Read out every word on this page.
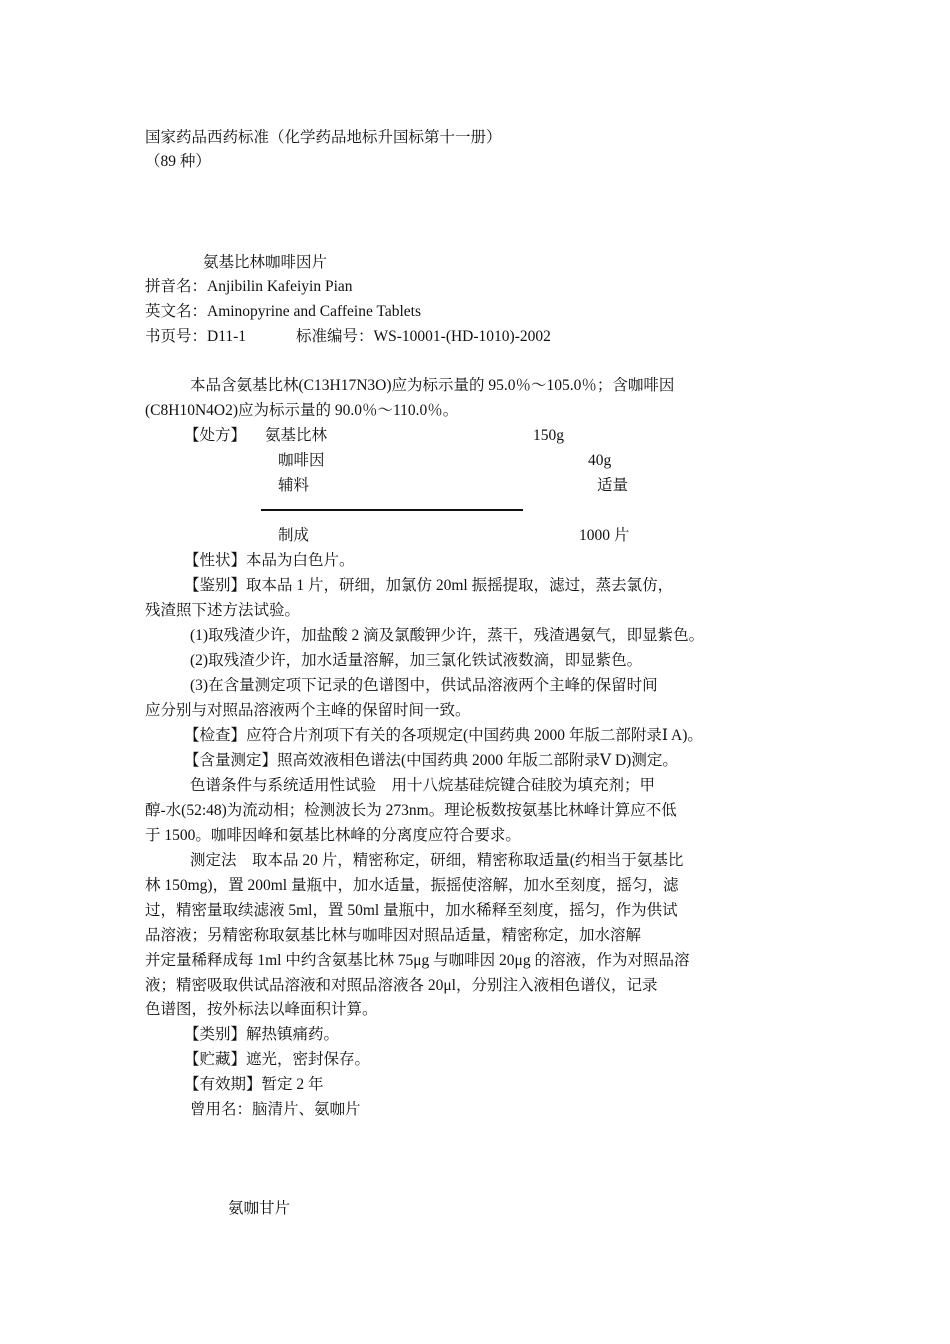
国家药品西药标准（化学药品地标升国标第十一册）
（89 种）
氨基比林咖啡因片
拼音名：Anjibilin Kafeiyin Pian
英文名：Aminopyrine and Caffeine Tablets
书页号：D11-1	标准编号：WS-10001-(HD-1010)-2002
本品含氨基比林(C13H17N3O)应为标示量的 95.0％～105.0％；含咖啡因
(C8H10N4O2)应为标示量的 90.0％～110.0％。
【处方】 氨基比林	150g
咖啡因	40g
辅料	适量
制成	1000 片
【性状】本品为白色片。
【鉴别】取本品 1 片，研细，加氯仿 20ml 振摇提取，滤过，蒸去氯仿，
残渣照下述方法试验。
(1)取残渣少许，加盐酸 2 滴及氯酸钾少许，蒸干，残渣遇氨气，即显紫色。
(2)取残渣少许，加水适量溶解，加三氯化铁试液数滴，即显紫色。
(3)在含量测定项下记录的色谱图中，供试品溶液两个主峰的保留时间
应分别与对照品溶液两个主峰的保留时间一致。
【检查】应符合片剂项下有关的各项规定(中国药典 2000 年版二部附录Ⅰ A)。
【含量测定】照高效液相色谱法(中国药典 2000 年版二部附录Ⅴ D)测定。
色谱条件与系统适用性试验　用十八烷基硅烷键合硅胶为填充剂；甲
醇-水(52:48)为流动相；检测波长为 273nm。理论板数按氨基比林峰计算应不低
于 1500。咖啡因峰和氨基比林峰的分离度应符合要求。
测定法　取本品 20 片，精密称定，研细，精密称取适量(约相当于氨基比
林 150mg)，置 200ml 量瓶中，加水适量，振摇使溶解，加水至刻度，摇匀，滤
过，精密量取续滤液 5ml，置 50ml 量瓶中，加水稀释至刻度，摇匀，作为供试
品溶液；另精密称取氨基比林与咖啡因对照品适量，精密称定，加水溶解
并定量稀释成每 1ml 中约含氨基比林 75μg 与咖啡因 20μg 的溶液，作为对照品溶
液；精密吸取供试品溶液和对照品溶液各 20μl，分别注入液相色谱仪，记录
色谱图，按外标法以峰面积计算。
【类别】解热镇痛药。
【贮藏】遮光，密封保存。
【有效期】暂定 2 年
曾用名：脑清片、氨咖片
氨咖甘片
